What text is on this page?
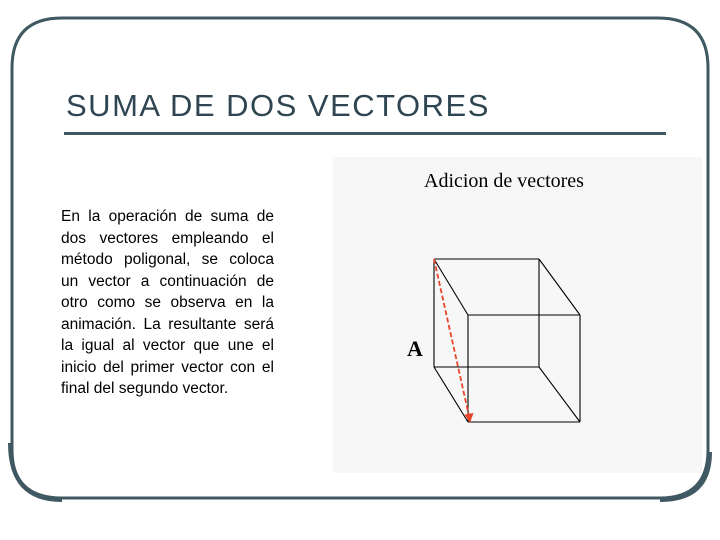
SUMA DE DOS VECTORES

En la operación de suma de dos vectores empleando el método poligonal, se coloca un vector a continuación de otro como se observa en la animación. La resultante será la igual al vector que une el inicio del primer vector con el final del segundo vector.

Adicion de vectores
A
